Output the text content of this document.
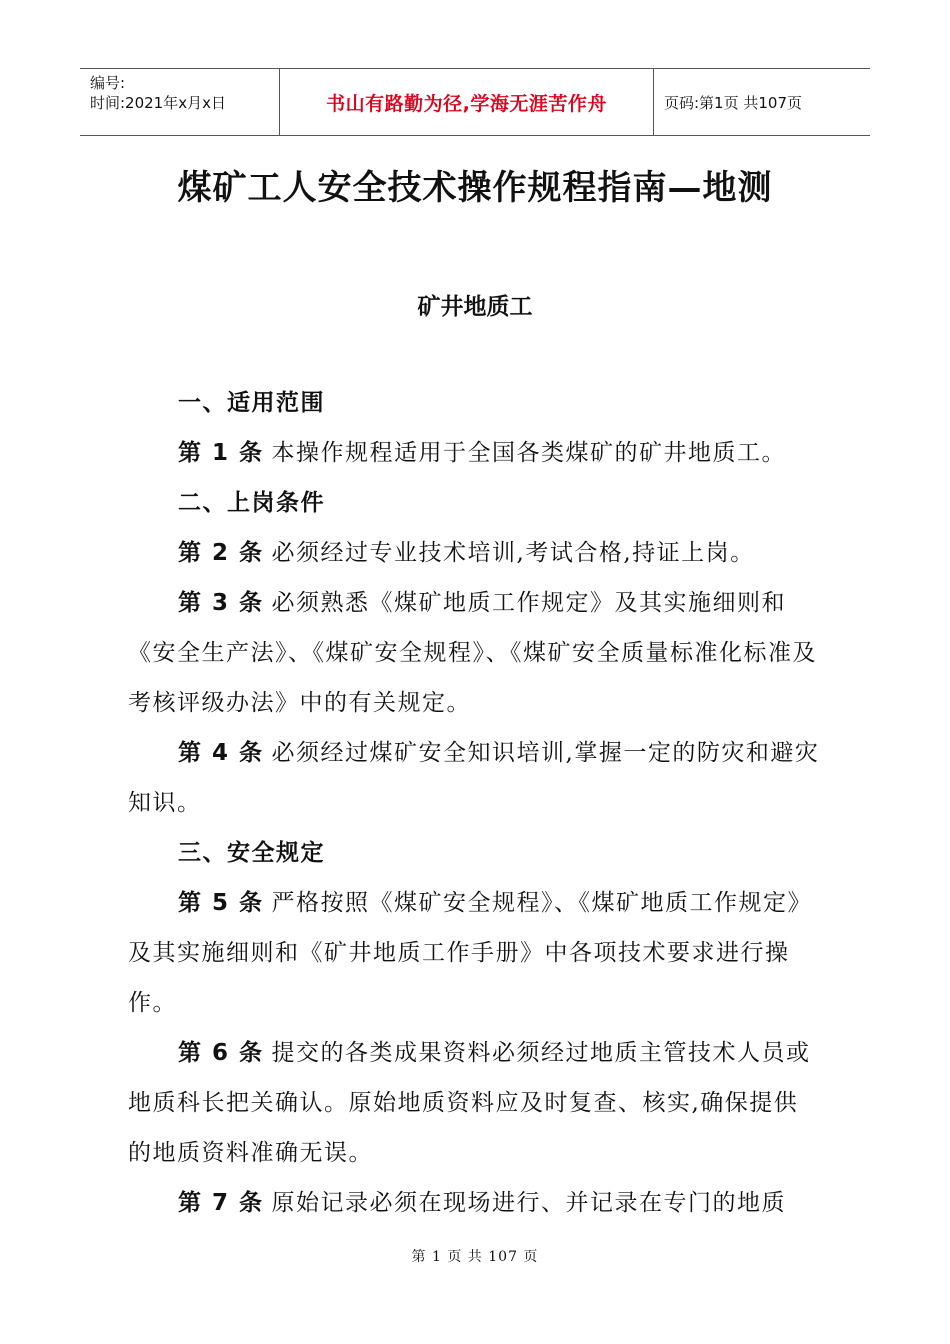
编号:
时间:2021年x月x日	书山有路勤为径,学海无涯苦作舟	页码:第1页 共107页
煤矿工人安全技术操作规程指南—地测
矿井地质工

一、适用范围

第 1 条 本操作规程适用于全国各类煤矿的矿井地质工。

二、上岗条件

第 2 条 必须经过专业技术培训,考试合格,持证上岗。

第 3 条 必须熟悉《煤矿地质工作规定》及其实施细则和《安全生产法》、《煤矿安全规程》、《煤矿安全质量标准化标准及考核评级办法》中的有关规定。

第 4 条 必须经过煤矿安全知识培训,掌握一定的防灾和避灾知识。

三、安全规定

第 5 条 严格按照《煤矿安全规程》、《煤矿地质工作规定》及其实施细则和《矿井地质工作手册》中各项技术要求进行操作。

第 6 条 提交的各类成果资料必须经过地质主管技术人员或地质科长把关确认。原始地质资料应及时复查、核实,确保提供的地质资料准确无误。

第 7 条 原始记录必须在现场进行、并记录在专门的地质

第 1 页 共 107 页
